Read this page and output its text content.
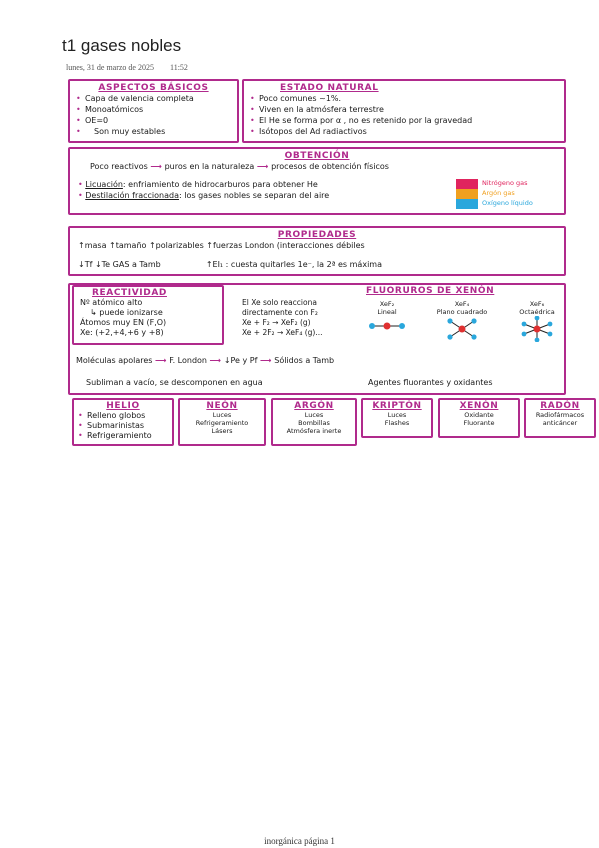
t1 gases nobles
lunes, 31 de marzo de 2025 11:52
ASPECTOS BÁSICOS
• Capa de valencia completa
• Monoatómicos
• OE=0
• Son muy estables
ESTADO NATURAL
• Poco comunes ~1%.
• Viven en la atmósfera terrestre
• El He se forma por α , no es retenido por la gravedad
• Isótopos del Ad radiactivos
OBTENCIÓN
Poco reactivos ⟶ puros en la naturaleza ⟶ procesos de obtención físicos
• Licuación: enfriamiento de hidrocarburos para obtener He
• Destilación fraccionada: los gases nobles se separan del aire
Nitrógeno gas
Argón gas
Oxígeno líquido
PROPIEDADES
↑masa ↑tamaño ↑polarizables ↑fuerzas London (interacciones débiles
↓Tf ↓Te GAS a Tamb	↑EI₁ : cuesta quitarles 1e⁻, la 2ª es máxima
REACTIVIDAD
Nº atómico alto
↳ puede ionizarse
Átomos muy EN (F,O)
Xe: (+2,+4,+6 y +8)
FLUORUROS DE XENÓN
El Xe solo reacciona
directamente con F₂
Xe + F₂ → XeF₂ (g)
Xe + 2F₂ → XeF₄ (g)...
XeF₂
Lineal
XeF₄
Plano cuadrado
XeF₆
Octaédrica
Moléculas apolares ⟶ F. London ⟶ ↓Pe y Pf ⟶ Sólidos a Tamb
Subliman a vacío, se descomponen en agua	Agentes fluorantes y oxidantes
HELIO
• Relleno globos
• Submarinistas
• Refrigeramiento
NEÓN
Luces
Refrigeramiento
Lásers
ARGÓN
Luces
Bombillas
Atmósfera inerte
KRIPTÓN
Luces
Flashes
XENÓN
Oxidante
Fluorante
RADÓN
Radiofármacos
anticáncer
inorgánica página 1
